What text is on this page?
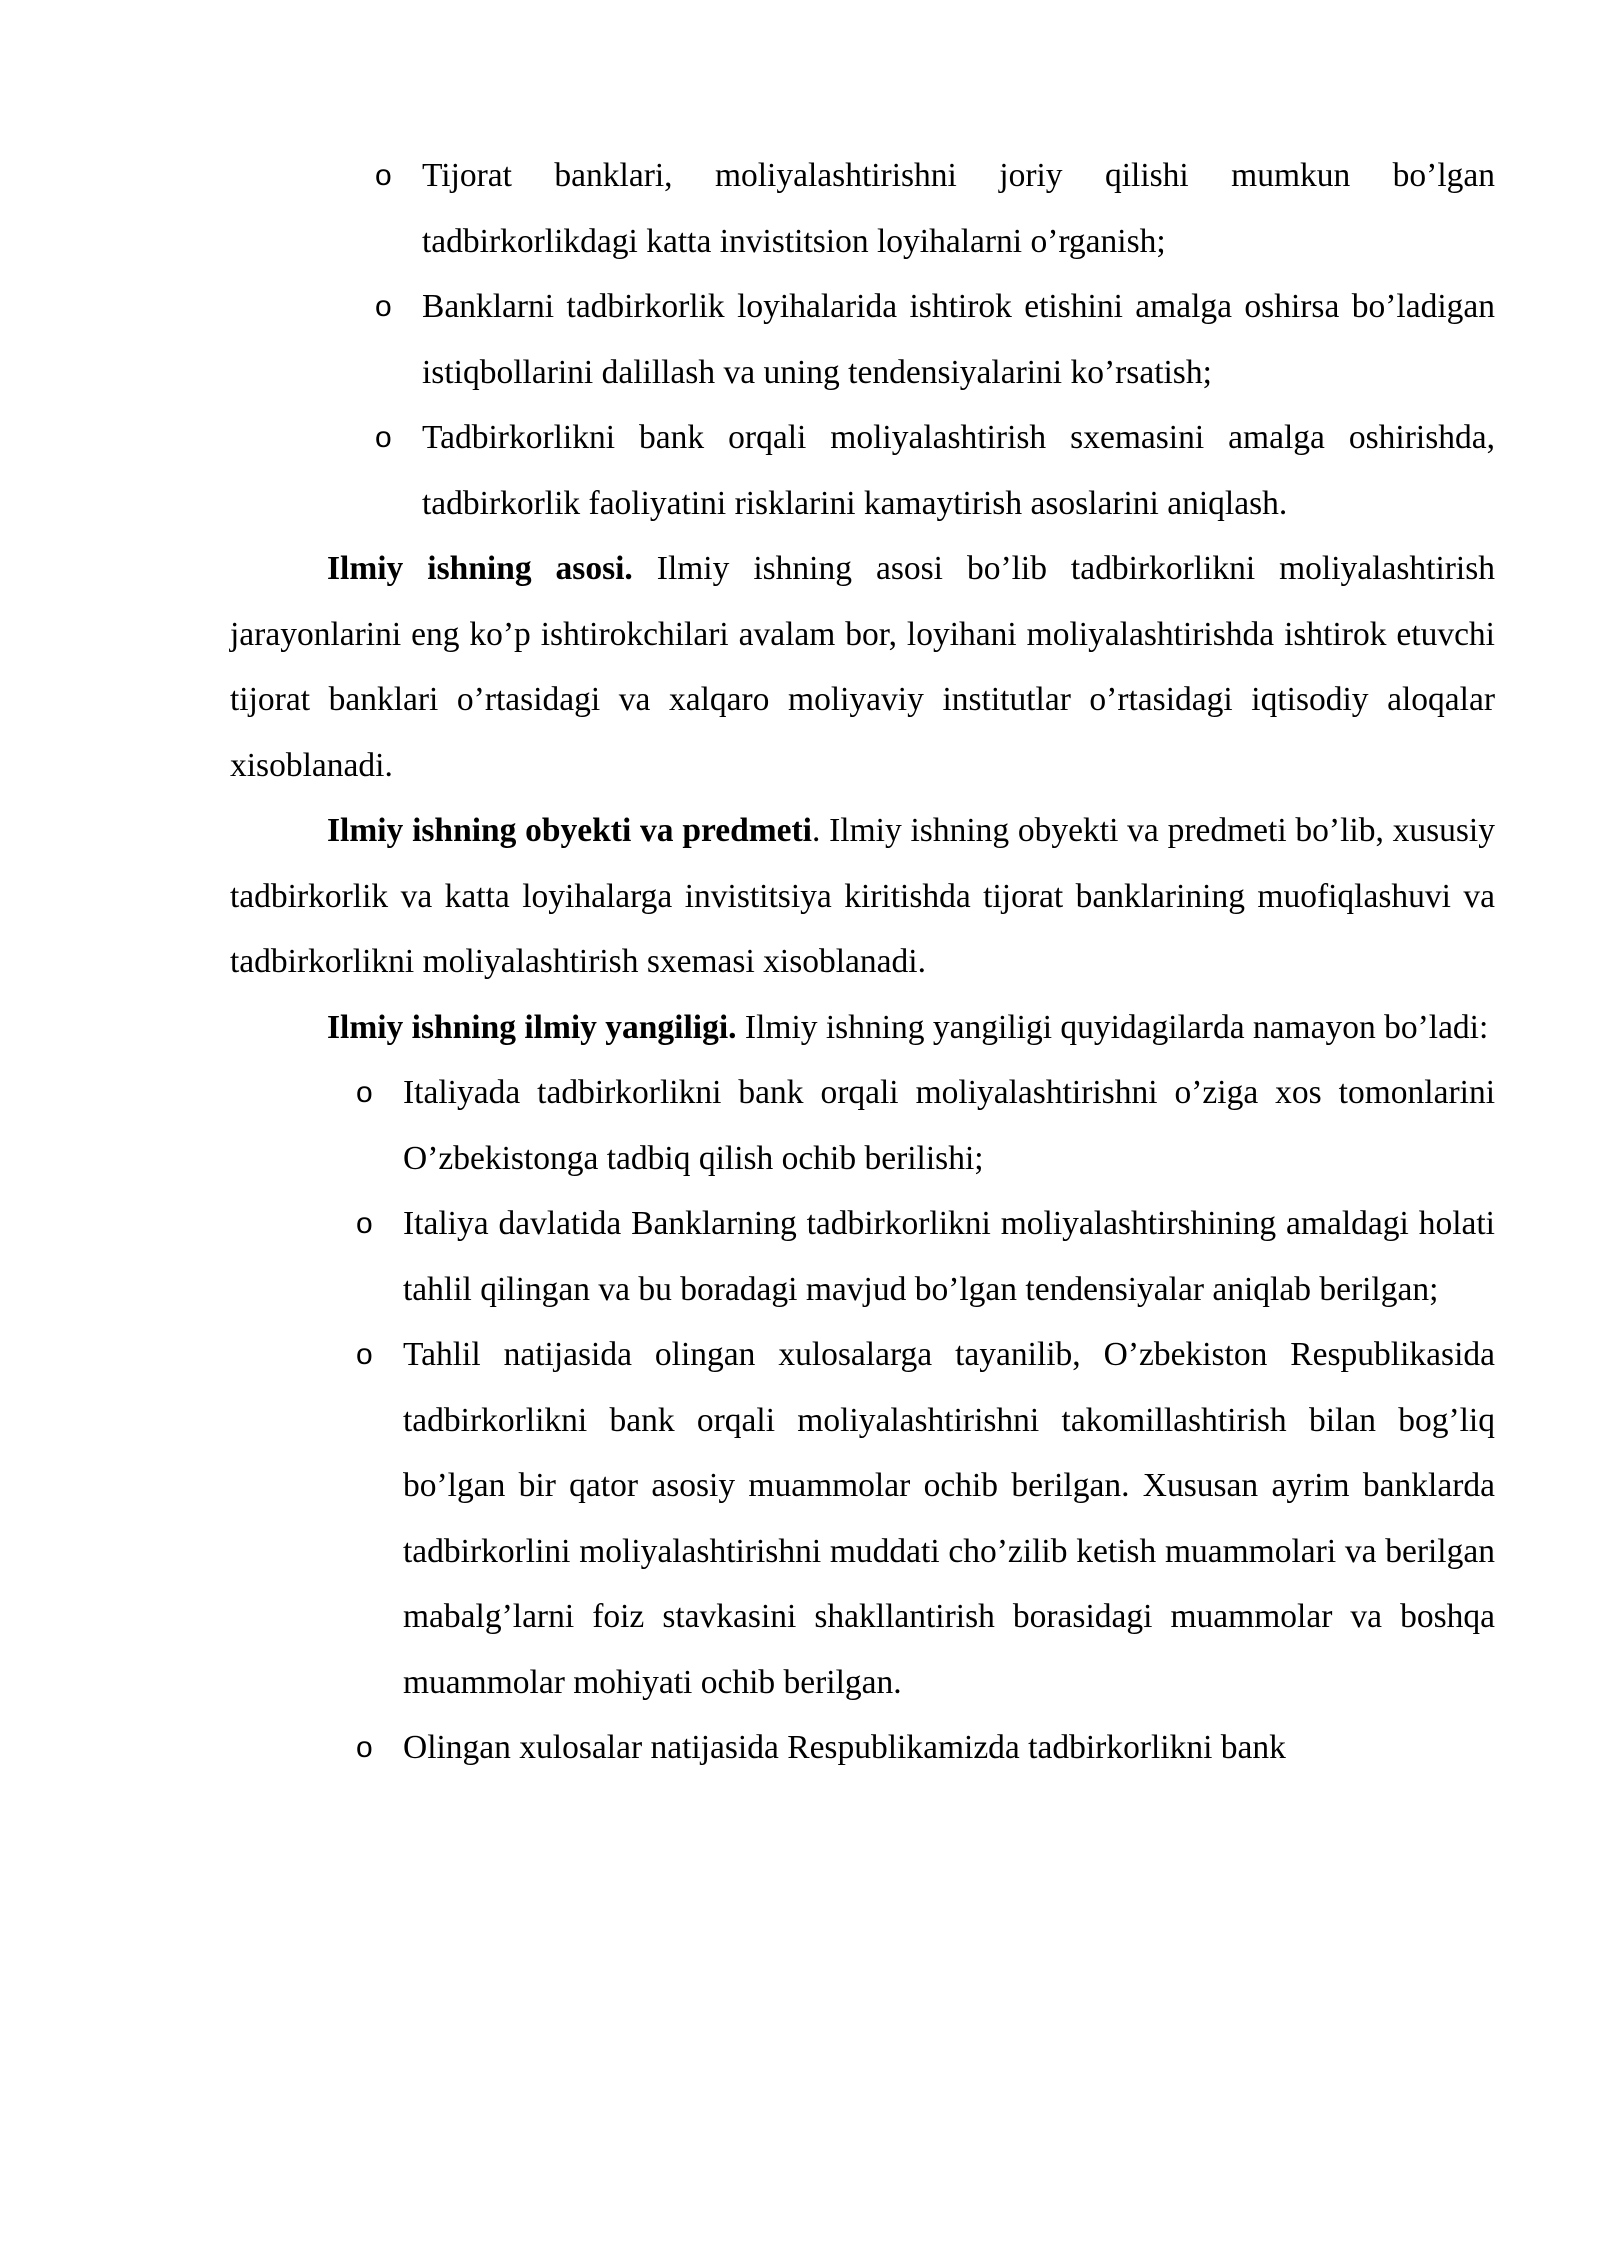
o Tijorat banklari, moliyalashtirishni joriy qilishi mumkun bo’lgan tadbirkorlikdagi katta invistitsion loyihalarni o’rganish;
o Banklarni tadbirkorlik loyihalarida ishtirok etishini amalga oshirsa bo’ladigan istiqbollarini dalillash va uning tendensiyalarini ko’rsatish;
o Tadbirkorlikni bank orqali moliyalashtirish sxemasini amalga oshirishda, tadbirkorlik faoliyatini risklarini kamaytirish asoslarini aniqlash.

Ilmiy ishning asosi. Ilmiy ishning asosi bo’lib tadbirkorlikni moliyalashtirish jarayonlarini eng ko’p ishtirokchilari avalam bor, loyihani moliyalashtirishda ishtirok etuvchi tijorat banklari o’rtasidagi va xalqaro moliyaviy institutlar o’rtasidagi iqtisodiy aloqalar xisoblanadi.

Ilmiy ishning obyekti va predmeti. Ilmiy ishning obyekti va predmeti bo’lib, xususiy tadbirkorlik va katta loyihalarga invistitsiya kiritishda tijorat banklarining muofiqlashuvi va tadbirkorlikni moliyalashtirish sxemasi xisoblanadi.

Ilmiy ishning ilmiy yangiligi. Ilmiy ishning yangiligi quyidagilarda namayon bo’ladi:

o Italiyada tadbirkorlikni bank orqali moliyalashtirishni o’ziga xos tomonlarini O’zbekistonga tadbiq qilish ochib berilishi;
o Italiya davlatida Banklarning tadbirkorlikni moliyalashtirshining amaldagi holati tahlil qilingan va bu boradagi mavjud bo’lgan tendensiyalar aniqlab berilgan;
o Tahlil natijasida olingan xulosalarga tayanilib, O’zbekiston Respublikasida tadbirkorlikni bank orqali moliyalashtirishni takomillashtirish bilan bog’liq bo’lgan bir qator asosiy muammolar ochib berilgan. Xususan ayrim banklarda tadbirkorlini moliyalashtirishni muddati cho’zilib ketish muammolari va berilgan mabalg’larni foiz stavkasini shakllantirish borasidagi muammolar va boshqa muammolar mohiyati ochib berilgan.
o Olingan xulosalar natijasida Respublikamizda tadbirkorlikni bank
